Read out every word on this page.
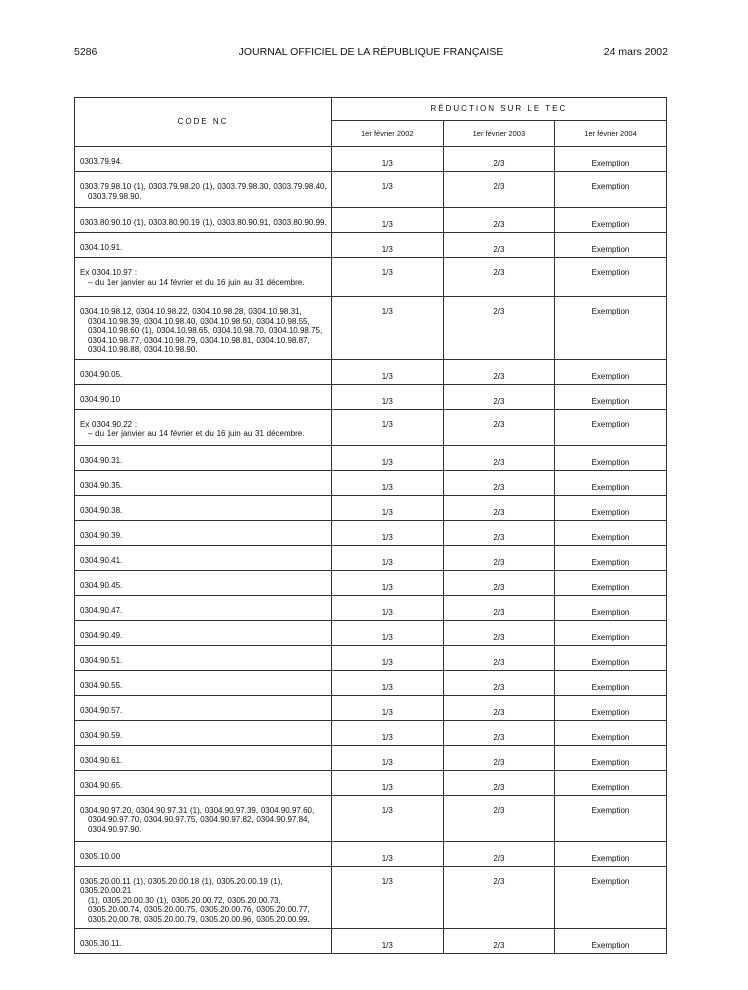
5286	JOURNAL OFFICIEL DE LA RÉPUBLIQUE FRANÇAISE	24 mars 2002
CODE NC	RÉDUCTION SUR LE TEC		
	1er février 2002	1er février 2003	1er février 2004
0303.79.94.	1/3	2/3	Exemption
0303.79.98.10 (1), 0303.79.98.20 (1), 0303.79.98.30, 0303.79.98.40,
0303.79.98.90.	1/3	2/3	Exemption
0303.80.90.10 (1), 0303.80.90.19 (1), 0303.80.90.91, 0303.80.90.99.	1/3	2/3	Exemption
0304.10.91.	1/3	2/3	Exemption
Ex 0304.10.97 :
– du 1er janvier au 14 février et du 16 juin au 31 décembre.	1/3	2/3	Exemption
0304.10.98.12, 0304.10.98.22, 0304.10.98.28, 0304.10.98.31,
0304.10.98.39, 0304.10.98.40, 0304.10.98.50, 0304.10.98.55, 0304.10.98.60 (1), 0304.10.98.65, 0304.10.98.70, 0304.10.98.75, 0304.10.98.77, 0304.10.98.79, 0304.10.98.81, 0304.10.98.87, 0304.10.98.88, 0304.10.98.90.	1/3	2/3	Exemption
0304.90.05.	1/3	2/3	Exemption
0304.90.10	1/3	2/3	Exemption
Ex 0304.90.22 :
– du 1er janvier au 14 février et du 16 juin au 31 décembre.	1/3	2/3	Exemption
0304.90.31.	1/3	2/3	Exemption
0304.90.35.	1/3	2/3	Exemption
0304.90.38.	1/3	2/3	Exemption
0304.90.39.	1/3	2/3	Exemption
0304.90.41.	1/3	2/3	Exemption
0304.90.45.	1/3	2/3	Exemption
0304.90.47.	1/3	2/3	Exemption
0304.90.49.	1/3	2/3	Exemption
0304.90.51.	1/3	2/3	Exemption
0304.90.55.	1/3	2/3	Exemption
0304.90.57.	1/3	2/3	Exemption
0304.90.59.	1/3	2/3	Exemption
0304.90.61.	1/3	2/3	Exemption
0304.90.65.	1/3	2/3	Exemption
0304.90.97.20, 0304.90.97.31 (1), 0304.90.97.39, 0304.90.97.60,
0304.90.97.70, 0304.90.97.75, 0304.90.97.82, 0304.90.97.84, 0304.90.97.90.	1/3	2/3	Exemption
0305.10.00	1/3	2/3	Exemption
0305.20.00.11 (1), 0305.20.00.18 (1), 0305.20.00.19 (1), 0305.20.00.21
(1), 0305.20.00.30 (1), 0305.20.00.72, 0305.20.00.73, 0305.20.00.74, 0305.20.00.75, 0305.20.00.76, 0305.20.00.77, 0305.20.00.78, 0305.20.00.79, 0305.20.00.96, 0305.20.00.99.	1/3	2/3	Exemption
0305.30.11.	1/3	2/3	Exemption
